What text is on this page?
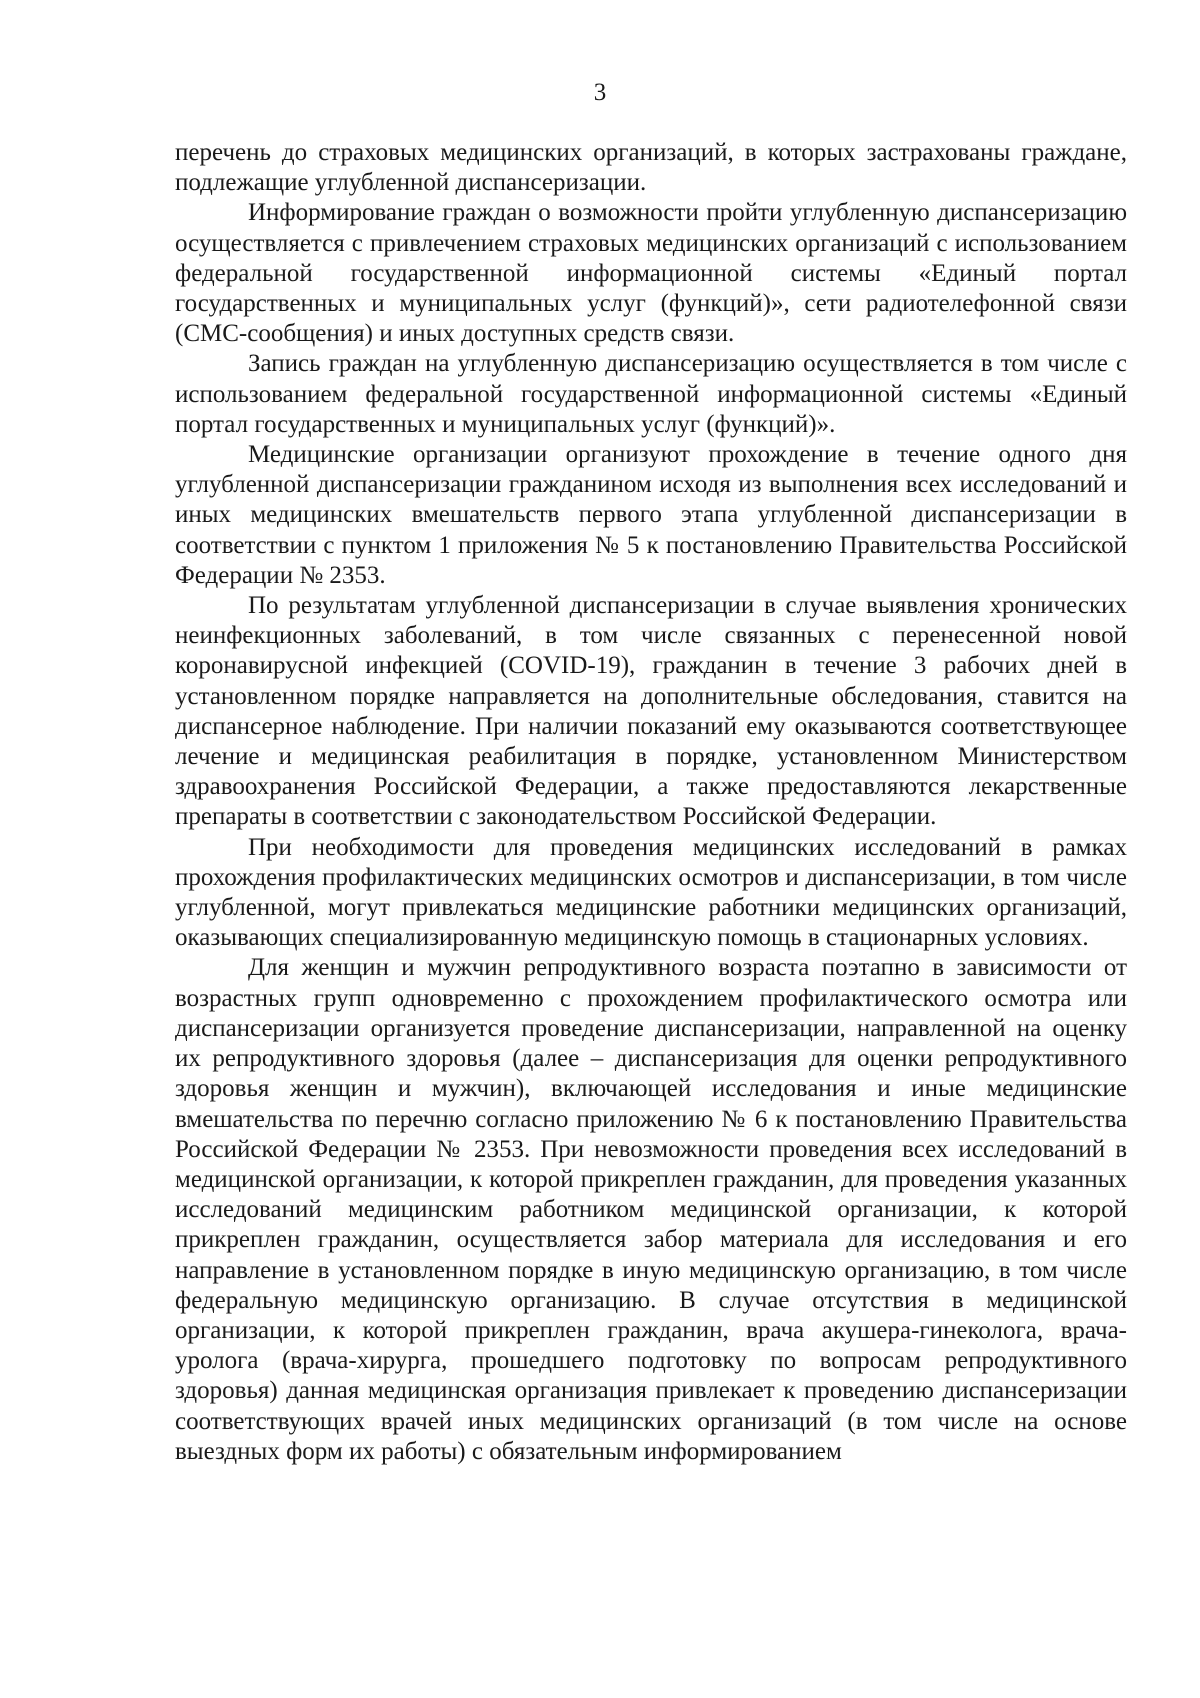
3

перечень до страховых медицинских организаций, в которых застрахованы граждане, подлежащие углубленной диспансеризации.

Информирование граждан о возможности пройти углубленную диспансеризацию осуществляется с привлечением страховых медицинских организаций с использованием федеральной государственной информационной системы «Единый портал государственных и муниципальных услуг (функций)», сети радиотелефонной связи (СМС-сообщения) и иных доступных средств связи.

Запись граждан на углубленную диспансеризацию осуществляется в том числе с использованием федеральной государственной информационной системы «Единый портал государственных и муниципальных услуг (функций)».

Медицинские организации организуют прохождение в течение одного дня углубленной диспансеризации гражданином исходя из выполнения всех исследований и иных медицинских вмешательств первого этапа углубленной диспансеризации в соответствии с пунктом 1 приложения № 5 к постановлению Правительства Российской Федерации № 2353.

По результатам углубленной диспансеризации в случае выявления хронических неинфекционных заболеваний, в том числе связанных с перенесенной новой коронавирусной инфекцией (COVID-19), гражданин в течение 3 рабочих дней в установленном порядке направляется на дополнительные обследования, ставится на диспансерное наблюдение. При наличии показаний ему оказываются соответствующее лечение и медицинская реабилитация в порядке, установленном Министерством здравоохранения Российской Федерации, а также предоставляются лекарственные препараты в соответствии с законодательством Российской Федерации.

При необходимости для проведения медицинских исследований в рамках прохождения профилактических медицинских осмотров и диспансеризации, в том числе углубленной, могут привлекаться медицинские работники медицинских организаций, оказывающих специализированную медицинскую помощь в стационарных условиях.

Для женщин и мужчин репродуктивного возраста поэтапно в зависимости от возрастных групп одновременно с прохождением профилактического осмотра или диспансеризации организуется проведение диспансеризации, направленной на оценку их репродуктивного здоровья (далее – диспансеризация для оценки репродуктивного здоровья женщин и мужчин), включающей исследования и иные медицинские вмешательства по перечню согласно приложению № 6 к постановлению Правительства Российской Федерации № 2353. При невозможности проведения всех исследований в медицинской организации, к которой прикреплен гражданин, для проведения указанных исследований медицинским работником медицинской организации, к которой прикреплен гражданин, осуществляется забор материала для исследования и его направление в установленном порядке в иную медицинскую организацию, в том числе федеральную медицинскую организацию. В случае отсутствия в медицинской организации, к которой прикреплен гражданин, врача акушера-гинеколога, врача-уролога (врача-хирурга, прошедшего подготовку по вопросам репродуктивного здоровья) данная медицинская организация привлекает к проведению диспансеризации соответствующих врачей иных медицинских организаций (в том числе на основе выездных форм их работы) с обязательным информированием
